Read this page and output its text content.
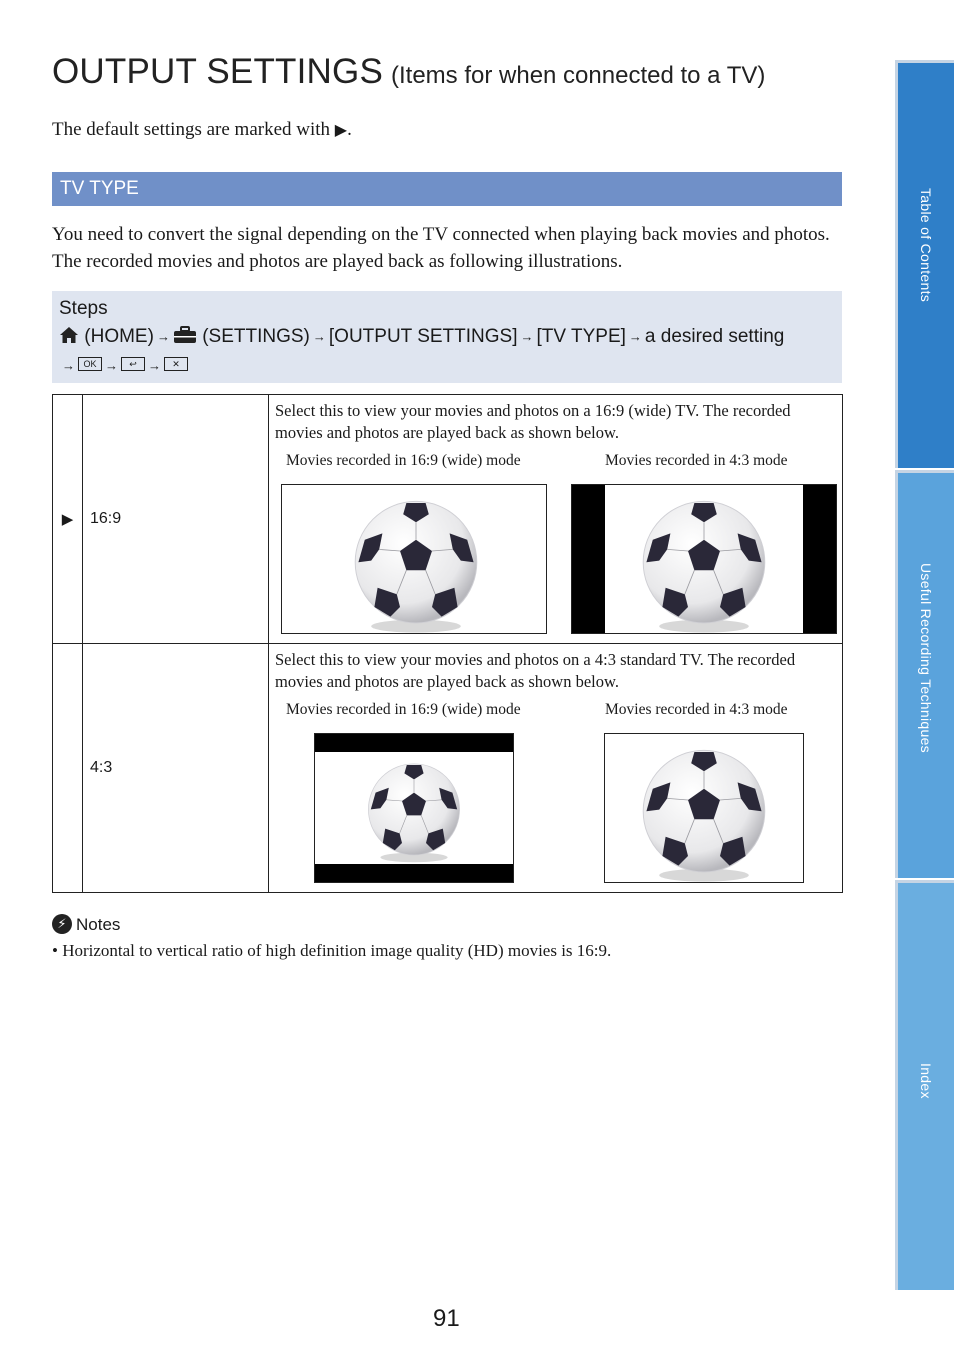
OUTPUT SETTINGS (Items for when connected to a TV)
The default settings are marked with ▶.
TV TYPE

You need to convert the signal depending on the TV connected when playing back movies and photos. The recorded movies and photos are played back as following illustrations.

Steps
(HOME) → (SETTINGS) → [OUTPUT SETTINGS] → [TV TYPE] → a desired setting
→ OK → ↩ → ✕
▶	16:9	Select this to view your movies and photos on a 16:9 (wide) TV. The recorded movies and photos are played back as shown below.
Movies recorded in 16:9 (wide) mode Movies recorded in 4:3 mode

	4:3	Select this to view your movies and photos on a 4:3 standard TV. The recorded movies and photos are played back as shown below.
Movies recorded in 16:9 (wide) mode Movies recorded in 4:3 mode
⚡ Notes
• Horizontal to vertical ratio of high definition image quality (HD) movies is 16:9.
Table of Contents
Useful Recording Techniques
Index
91
